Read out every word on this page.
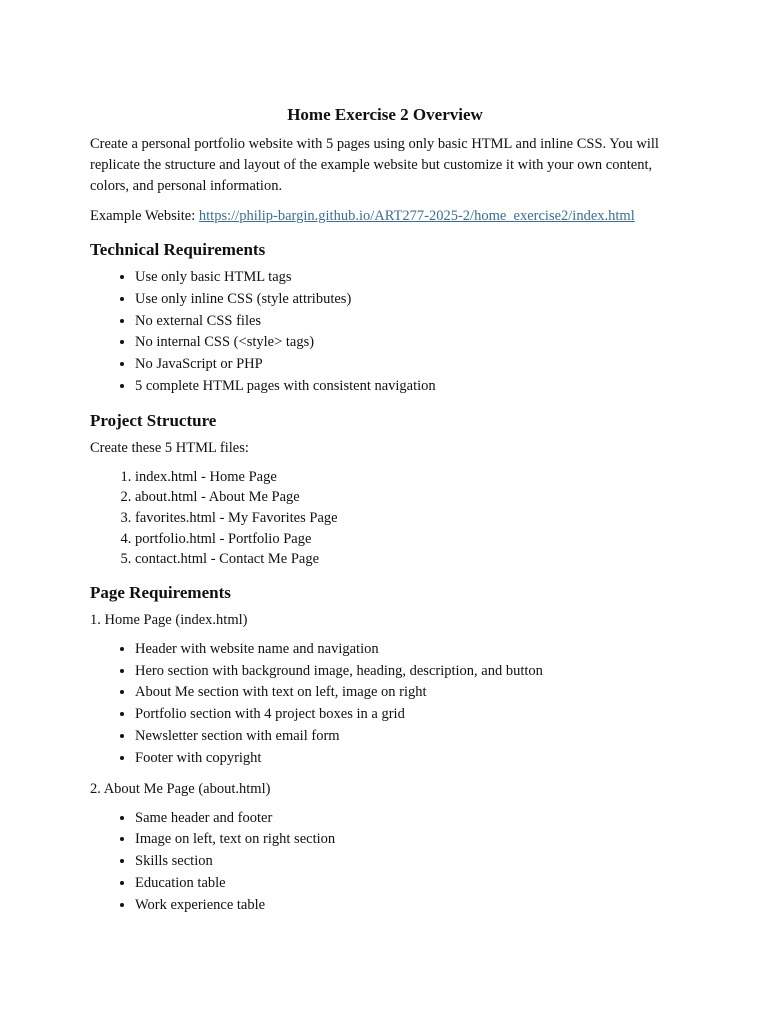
Home Exercise 2 Overview

Create a personal portfolio website with 5 pages using only basic HTML and inline CSS. You will replicate the structure and layout of the example website but customize it with your own content, colors, and personal information.

Example Website: https://philip-bargin.github.io/ART277-2025-2/home_exercise2/index.html

Technical Requirements
• Use only basic HTML tags
• Use only inline CSS (style attributes)
• No external CSS files
• No internal CSS (<style> tags)
• No JavaScript or PHP
• 5 complete HTML pages with consistent navigation
Project Structure

Create these 5 HTML files:

1. index.html - Home Page
2. about.html - About Me Page
3. favorites.html - My Favorites Page
4. portfolio.html - Portfolio Page
5. contact.html - Contact Me Page
Page Requirements

1. Home Page (index.html)

• Header with website name and navigation
• Hero section with background image, heading, description, and button
• About Me section with text on left, image on right
• Portfolio section with 4 project boxes in a grid
• Newsletter section with email form
• Footer with copyright

2. About Me Page (about.html)

• Same header and footer
• Image on left, text on right section
• Skills section
• Education table
• Work experience table
